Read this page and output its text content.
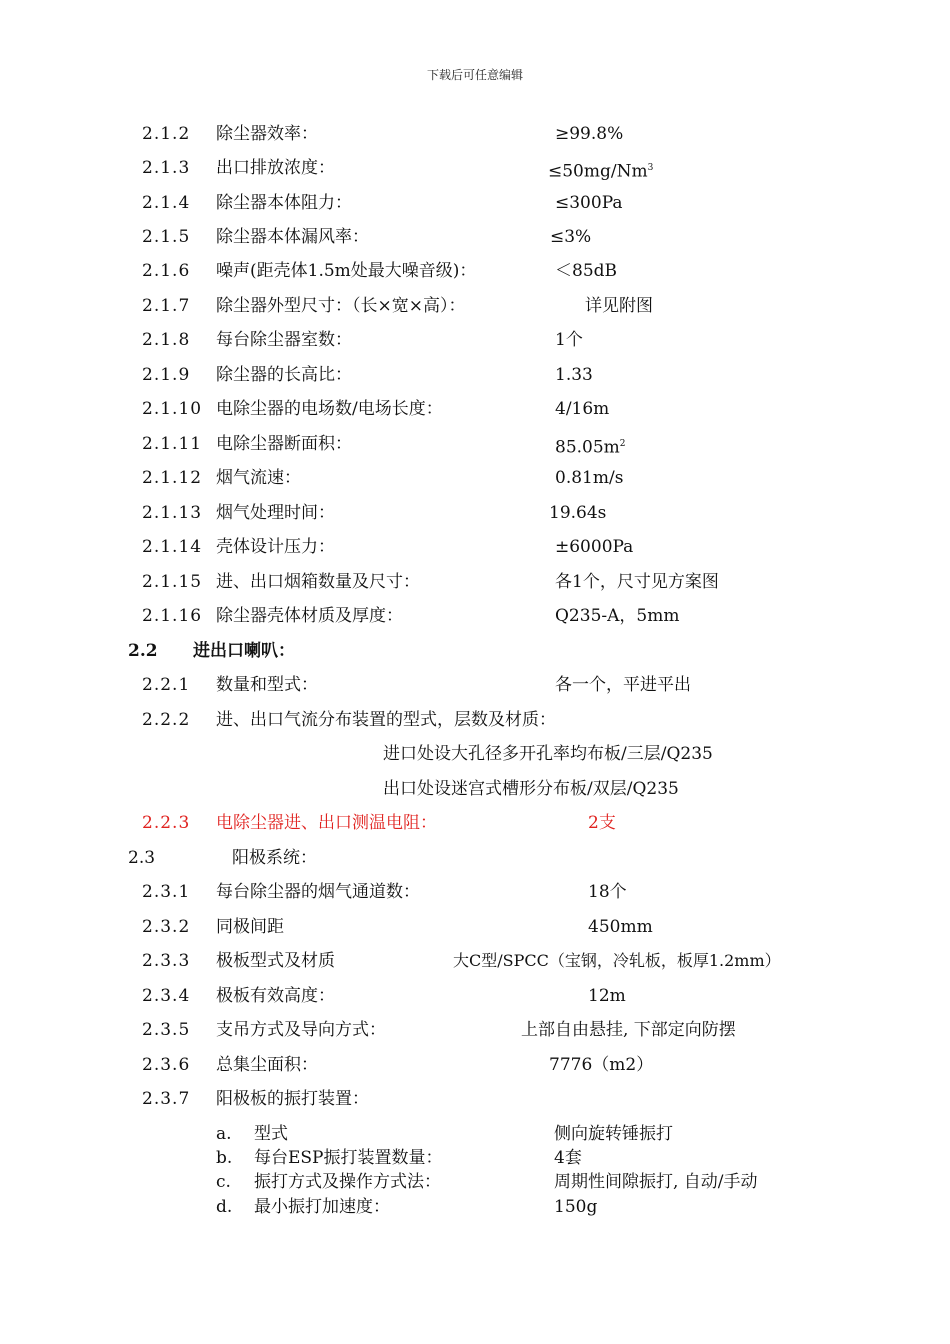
下载后可任意编辑
2.1.2 除尘器效率：	≥99.8%
2.1.3 出口排放浓度：	$\le 50mg/Nm^3$
2.1.4 除尘器本体阻力：	≤300Pa
2.1.5 除尘器本体漏风率：	≤3%
2.1.6 噪声(距壳体1.5m处最大噪音级)：	＜85dB
2.1.7 除尘器外型尺寸：（长×宽×高）：	详见附图
2.1.8 每台除尘器室数：	1个
2.1.9 除尘器的长高比：	1.33
2.1.10 电除尘器的电场数/电场长度：	4/16m
2.1.11 电除尘器断面积：	$85.05m^2$
2.1.12 烟气流速：	0.81m/s
2.1.13 烟气处理时间：	19.64s
2.1.14 壳体设计压力：	±6000Pa
2.1.15 进、出口烟箱数量及尺寸：	各1个，尺寸见方案图
2.1.16 除尘器壳体材质及厚度：	Q235-A，5mm
2.2 进出口喇叭：
2.2.1 数量和型式：	各一个，平进平出
2.2.2 进、出口气流分布装置的型式，层数及材质：
进口处设大孔径多开孔率均布板/三层/Q235
出口处设迷宫式槽形分布板/双层/Q235
2.2.3 电除尘器进、出口测温电阻：	2支
2.3	阳极系统：
2.3.1 每台除尘器的烟气通道数：	18个
2.3.2 同极间距	450mm
2.3.3 极板型式及材质	大C型/SPCC（宝钢，冷轧板，板厚1.2mm）
2.3.4 极板有效高度：	12m
2.3.5 支吊方式及导向方式：	上部自由悬挂, 下部定向防摆
2.3.6 总集尘面积：	7776（m2）
2.3.7 阳极板的振打装置：
a. 型式	侧向旋转锤振打
b. 每台ESP振打装置数量：	4套
c. 振打方式及操作方式法：	周期性间隙振打, 自动/手动
d. 最小振打加速度：	150g
